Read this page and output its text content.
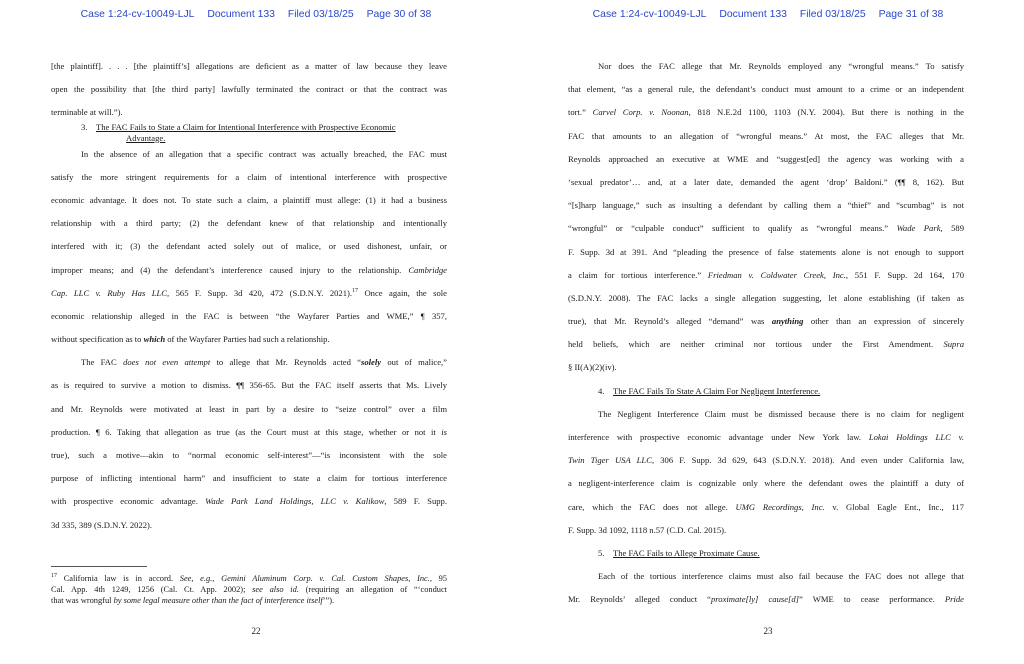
Case 1:24-cv-10049-LJL Document 133 Filed 03/18/25 Page 30 of 38
[the plaintiff]. . . . [the plaintiff’s] allegations are deficient as a matter of law because they leave
open the possibility that [the third party] lawfully terminated the contract or that the contract was
terminable at will.”).
3. The FAC Fails to State a Claim for Intentional Interference with Prospective Economic
Advantage.
In the absence of an allegation that a specific contract was actually breached, the FAC must
satisfy the more stringent requirements for a claim of intentional interference with prospective
economic advantage. It does not. To state such a claim, a plaintiff must allege: (1) it had a business
relationship with a third party; (2) the defendant knew of that relationship and intentionally
interfered with it; (3) the defendant acted solely out of malice, or used dishonest, unfair, or
improper means; and (4) the defendant’s interference caused injury to the relationship. Cambridge
Cap. LLC v. Ruby Has LLC, 565 F. Supp. 3d 420, 472 (S.D.N.Y. 2021).$^{17}$ Once again, the sole
economic relationship alleged in the FAC is between “the Wayfarer Parties and WME,” ¶ 357,
without specification as to which of the Wayfarer Parties had such a relationship.
The FAC does not even attempt to allege that Mr. Reynolds acted “solely out of malice,”
as is required to survive a motion to dismiss. ¶¶ 356-65. But the FAC itself asserts that Ms. Lively
and Mr. Reynolds were motivated at least in part by a desire to “seize control” over a film
production. ¶ 6. Taking that allegation as true (as the Court must at this stage, whether or not it is
true), such a motive—akin to “normal economic self-interest”—“is inconsistent with the sole
purpose of inflicting intentional harm” and insufficient to state a claim for tortious interference
with prospective economic advantage. Wade Park Land Holdings, LLC v. Kalikow, 589 F. Supp.
3d 335, 389 (S.D.N.Y. 2022).
$^{17}$ California law is in accord. See, e.g., Gemini Aluminum Corp. v. Cal. Custom Shapes, Inc., 95
Cal. App. 4th 1249, 1256 (Cal. Ct. App. 2002); see also id. (requiring an allegation of “‘conduct
that was wrongful by some legal measure other than the fact of interference itself’”).
22
Case 1:24-cv-10049-LJL Document 133 Filed 03/18/25 Page 31 of 38
23
Nor does the FAC allege that Mr. Reynolds employed any “wrongful means.” To satisfy
that element, “as a general rule, the defendant’s conduct must amount to a crime or an independent
tort.” Carvel Corp. v. Noonan, 818 N.E.2d 1100, 1103 (N.Y. 2004). But there is nothing in the
FAC that amounts to an allegation of “wrongful means.” At most, the FAC alleges that Mr.
Reynolds approached an executive at WME and “suggest[ed] the agency was working with a
‘sexual predator’… and, at a later date, demanded the agent ‘drop’ Baldoni.” (¶¶ 8, 162). But
“[s]harp language,” such as insulting a defendant by calling them a “thief” and “scumbag” is not
“wrongful” or “culpable conduct” sufficient to qualify as “wrongful means.” Wade Park, 589
F. Supp. 3d at 391. And “pleading the presence of false statements alone is not enough to support
a claim for tortious interference.” Friedman v. Coldwater Creek, Inc., 551 F. Supp. 2d 164, 170
(S.D.N.Y. 2008). The FAC lacks a single allegation suggesting, let alone establishing (if taken as
true), that Mr. Reynold’s alleged “demand” was anything other than an expression of sincerely
held beliefs, which are neither criminal nor tortious under the First Amendment. Supra
§ II(A)(2)(iv).
4. The FAC Fails To State A Claim For Negligent Interference.
The Negligent Interference Claim must be dismissed because there is no claim for negligent
interference with prospective economic advantage under New York law. Lokai Holdings LLC v.
Twin Tiger USA LLC, 306 F. Supp. 3d 629, 643 (S.D.N.Y. 2018). And even under California law,
a negligent-interference claim is cognizable only where the defendant owes the plaintiff a duty of
care, which the FAC does not allege. UMG Recordings, Inc. v. Global Eagle Ent., Inc., 117
F. Supp. 3d 1092, 1118 n.57 (C.D. Cal. 2015).
5. The FAC Fails to Allege Proximate Cause.
Each of the tortious interference claims must also fail because the FAC does not allege that
Mr. Reynolds’ alleged conduct “proximate[ly] cause[d]” WME to cease performance. Pride
